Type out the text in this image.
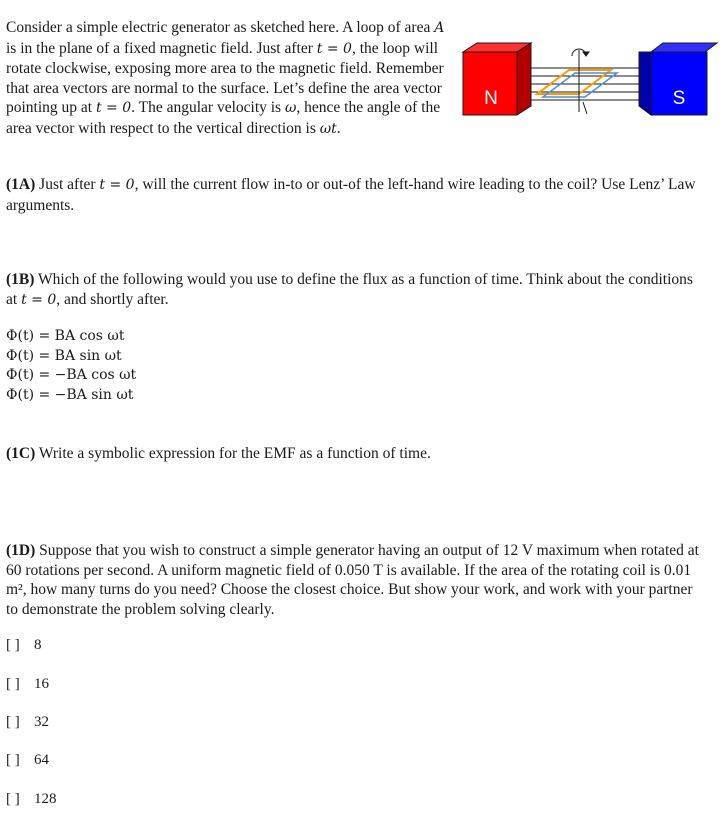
Consider a simple electric generator as sketched here. A loop of area A is in the plane of a fixed magnetic field. Just after t = 0, the loop will rotate clockwise, exposing more area to the magnetic field. Remember that area vectors are normal to the surface. Let’s define the area vector pointing up at t = 0. The angular velocity is ω, hence the angle of the area vector with respect to the vertical direction is ωt.
N	S
(1A) Just after t = 0, will the current flow in-to or out-of the left-hand wire leading to the coil? Use Lenz’ Law arguments.
(1B) Which of the following would you use to define the flux as a function of time. Think about the conditions at t = 0, and shortly after.
Φ(t) = BA cos ωt
Φ(t) = BA sin ωt
Φ(t) = −BA cos ωt
Φ(t) = −BA sin ωt
(1C) Write a symbolic expression for the EMF as a function of time.
(1D) Suppose that you wish to construct a simple generator having an output of 12 V maximum when rotated at 60 rotations per second. A uniform magnetic field of 0.050 T is available. If the area of the rotating coil is 0.01 m², how many turns do you need? Choose the closest choice. But show your work, and work with your partner to demonstrate the problem solving clearly.
[ ] 8
[ ] 16
[ ] 32
[ ] 64
[ ] 128
